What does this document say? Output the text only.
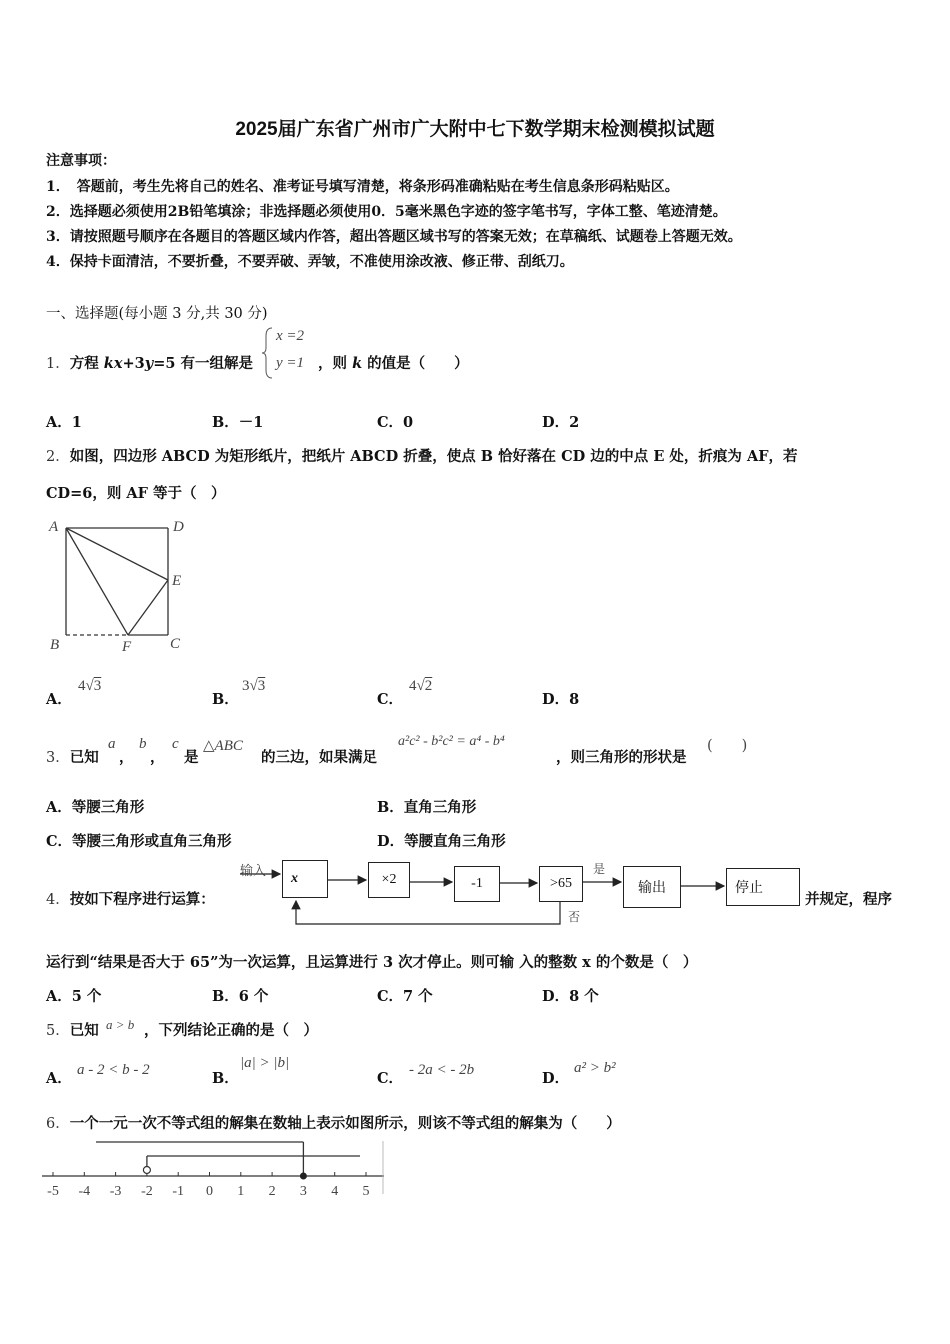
2025届广东省广州市广大附中七下数学期末检测模拟试题
注意事项：
1．　答题前，考生先将自己的姓名、准考证号填写清楚，将条形码准确粘贴在考生信息条形码粘贴区。
2．选择题必须使用2B铅笔填涂；非选择题必须使用0．5毫米黑色字迹的签字笔书写，字体工整、笔迹清楚。
3．请按照题号顺序在各题目的答题区域内作答，超出答题区域书写的答案无效；在草稿纸、试题卷上答题无效。
4．保持卡面清洁，不要折叠，不要弄破、弄皱，不准使用涂改液、修正带、刮纸刀。
一、选择题(每小题 3 分,共 30 分)
1．方程 kx+3y=5 有一组解是
x =2
y =1 ，则 k 的值是（　　）
A．1	B．－1	C．0	D．2
2．如图，四边形 ABCD 为矩形纸片，把纸片 ABCD 折叠，使点 B 恰好落在 CD 边的中点 E 处，折痕为 AF，若
CD=6，则 AF 等于（　）
A	D
E
B	F	C
A．
4√3
B．
3√3
C．
4√2
D．8
3．已知
a
，
b
，
c
是
△ABC
的三边，如果满足
a²c² - b²c² = a⁴ - b⁴
，则三角形的形状是
(　　)
A．等腰三角形	B．直角三角形
C．等腰三角形或直角三角形	D．等腰直角三角形
4．按如下程序进行运算：
输入	x	×2	-1	>65
是
否
输出	停止
并规定，程序
运行到“结果是否大于 65”为一次运算，且运算进行 3 次才停止。则可输 入的整数 x 的个数是（　）
A．5 个	B．6 个	C．7 个	D．8 个
5．已知 a > b ，下列结论正确的是（　）
A． a - 2 < b - 2	B．
|a| > |b|
C． - 2a < - 2b	D．
a² > b²
6．一个一元一次不等式组的解集在数轴上表示如图所示，则该不等式组的解集为（　　）
-5 -4 -3 -2 -1 0 1 2 3 4 5
